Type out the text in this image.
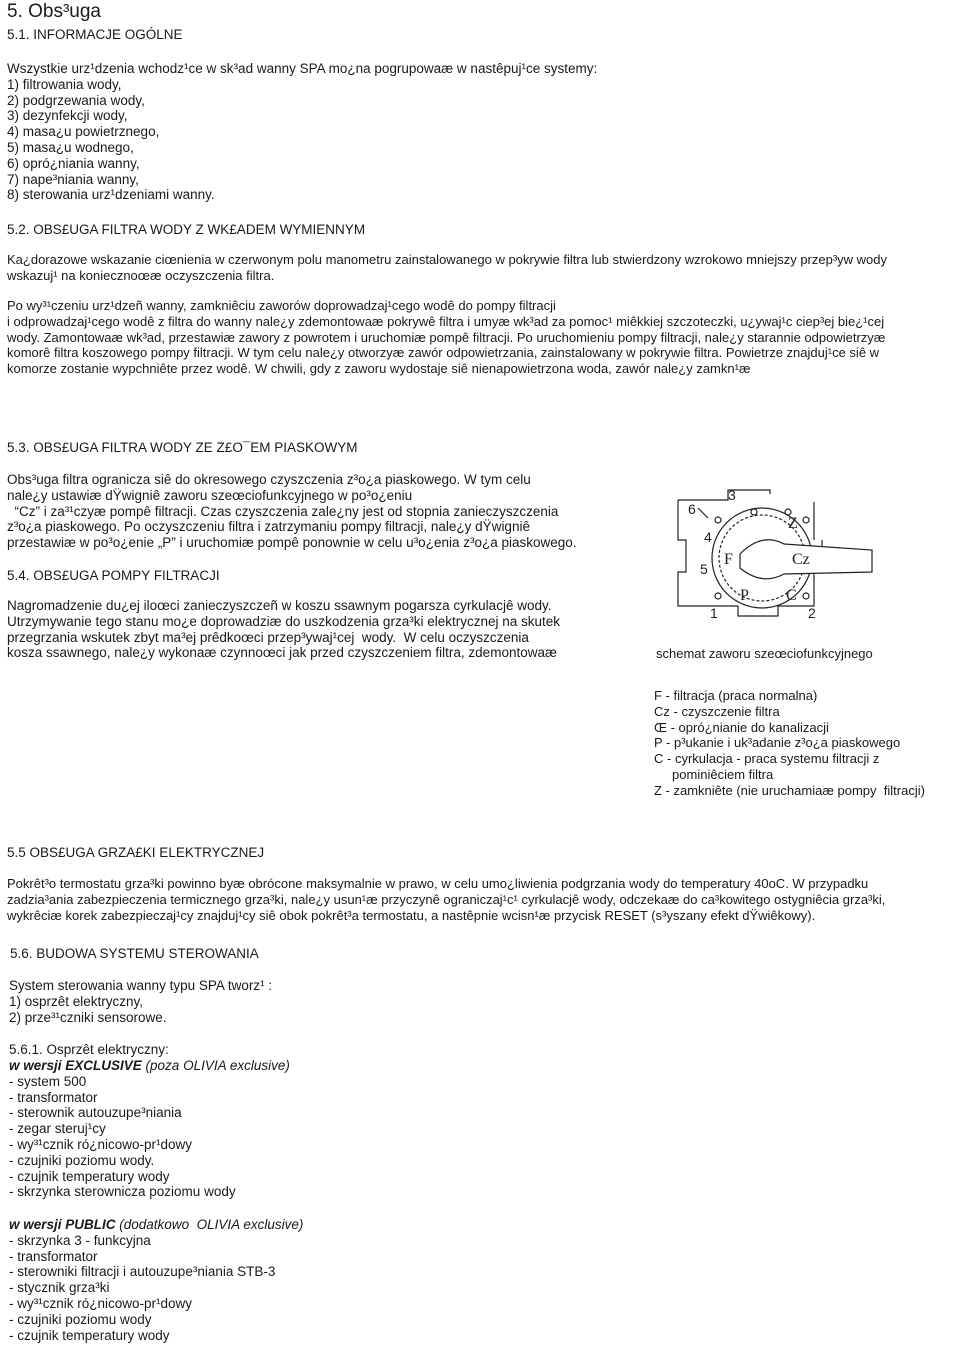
5. Obs³uga
5.1. INFORMACJE OGÓLNE
Wszystkie urz¹dzenia wchodz¹ce w sk³ad wanny SPA mo¿na pogrupowaæ w nastêpuj¹ce systemy:
1) filtrowania wody,
2) podgrzewania wody,
3) dezynfekcji wody,
4) masa¿u powietrznego,
5) masa¿u wodnego,
6) opró¿niania wanny,
7) nape³niania wanny,
8) sterowania urz¹dzeniami wanny.
5.2. OBS£UGA FILTRA WODY Z WK£ADEM WYMIENNYM
Ka¿dorazowe wskazanie ciœnienia w czerwonym polu manometru zainstalowanego w pokrywie filtra lub stwierdzony wzrokowo mniejszy przep³yw wody
wskazuj¹ na koniecznoœæ oczyszczenia filtra.
Po wy³¹czeniu urz¹dzeñ wanny, zamkniêciu zaworów doprowadzaj¹cego wodê do pompy filtracji
i odprowadzaj¹cego wodê z filtra do wanny nale¿y zdemontowaæ pokrywê filtra i umyæ wk³ad za pomoc¹ miêkkiej szczoteczki, u¿ywaj¹c ciep³ej bie¿¹cej
wody. Zamontowaæ wk³ad, przestawiæ zawory z powrotem i uruchomiæ pompê filtracji. Po uruchomieniu pompy filtracji, nale¿y starannie odpowietrzyæ
komorê filtra koszowego pompy filtracji. W tym celu nale¿y otworzyæ zawór odpowietrzania, zainstalowany w pokrywie filtra. Powietrze znajduj¹ce siê w
komorze zostanie wypchniête przez wodê. W chwili, gdy z zaworu wydostaje siê nienapowietrzona woda, zawór nale¿y zamkn¹æ
5.3. OBS£UGA FILTRA WODY ZE Z£O¯EM PIASKOWYM
Obs³uga filtra ogranicza siê do okresowego czyszczenia z³o¿a piaskowego. W tym celu
nale¿y ustawiæ dŸwigniê zaworu szeœciofunkcyjnego w po³o¿eniu
“Cz” i za³¹czyæ pompê filtracji. Czas czyszczenia zale¿ny jest od stopnia zanieczyszczenia
z³o¿a piaskowego. Po oczyszczeniu filtra i zatrzymaniu pompy filtracji, nale¿y dŸwigniê
przestawiæ w po³o¿enie „P” i uruchomiæ pompê ponownie w celu u³o¿enia z³o¿a piaskowego.
5.4. OBS£UGA POMPY FILTRACJI
Nagromadzenie du¿ej iloœci zanieczyszczeñ w koszu ssawnym pogarsza cyrkulacjê wody.
Utrzymywanie tego stanu mo¿e doprowadziæ do uszkodzenia grza³ki elektrycznej na skutek
przegrzania wskutek zbyt ma³ej prêdkoœci przep³ywaj¹cej  wody.  W celu oczyszczenia
kosza ssawnego, nale¿y wykonaæ czynnoœci jak przed czyszczeniem filtra, zdemontowaæ
6
3
4
5
F
Z
Cz
P C
1	2
schemat zaworu szeœciofunkcyjnego
F - filtracja (praca normalna)
Cz - czyszczenie filtra
Œ - opró¿nianie do kanalizacji
P - p³ukanie i uk³adanie z³o¿a piaskowego
C - cyrkulacja - praca systemu filtracji z
pominiêciem filtra
Z - zamkniête (nie uruchamiaæ pompy  filtracji)
5.5 OBS£UGA GRZA£KI ELEKTRYCZNEJ
Pokrêt³o termostatu grza³ki powinno byæ obrócone maksymalnie w prawo, w celu umo¿liwienia podgrzania wody do temperatury 40oC. W przypadku
zadzia³ania zabezpieczenia termicznego grza³ki, nale¿y usun¹æ przyczynê ograniczaj¹c¹ cyrkulacjê wody, odczekaæ do ca³kowitego ostygniêcia grza³ki,
wykrêciæ korek zabezpieczaj¹cy znajduj¹cy siê obok pokrêt³a termostatu, a nastêpnie wcisn¹æ przycisk RESET (s³yszany efekt dŸwiêkowy).
5.6. BUDOWA SYSTEMU STEROWANIA
System sterowania wanny typu SPA tworz¹ :
1) osprzêt elektryczny,
2) prze³¹czniki sensorowe.
5.6.1. Osprzêt elektryczny:
w wersji EXCLUSIVE (poza OLIVIA exclusive)
- system 500
- transformator
- sterownik autouzupe³niania
- zegar steruj¹cy
- wy³¹cznik ró¿nicowo-pr¹dowy
- czujniki poziomu wody.
- czujnik temperatury wody
- skrzynka sterownicza poziomu wody
w wersji PUBLIC (dodatkowo  OLIVIA exclusive)
- skrzynka 3 - funkcyjna
- transformator
- sterowniki filtracji i autouzupe³niania STB-3
- stycznik grza³ki
- wy³¹cznik ró¿nicowo-pr¹dowy
- czujniki poziomu wody
- czujnik temperatury wody
